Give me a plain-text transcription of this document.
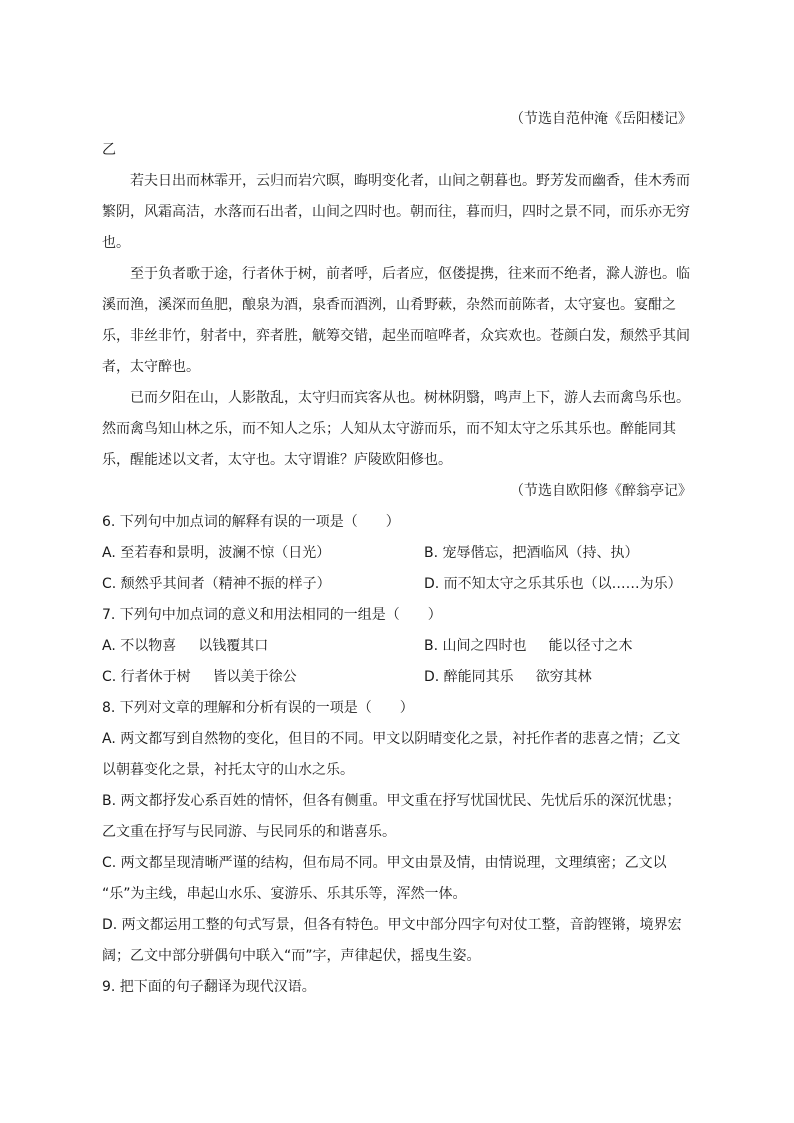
（节选自范仲淹《岳阳楼记》
乙
若夫日出而林霏开，云归而岩穴暝，晦明变化者，山间之朝暮也。野芳发而幽香，佳木秀而
繁阴，风霜高洁，水落而石出者，山间之四时也。朝而往，暮而归，四时之景不同，而乐亦无穷
也。
至于负者歌于途，行者休于树，前者呼，后者应，伛偻提携，往来而不绝者，滁人游也。临
溪而渔，溪深而鱼肥，酿泉为酒，泉香而酒洌，山肴野蔌，杂然而前陈者，太守宴也。宴酣之
乐，非丝非竹，射者中，弈者胜，觥筹交错，起坐而喧哗者，众宾欢也。苍颜白发，颓然乎其间
者，太守醉也。
已而夕阳在山，人影散乱，太守归而宾客从也。树林阴翳，鸣声上下，游人去而禽鸟乐也。
然而禽鸟知山林之乐，而不知人之乐；人知从太守游而乐，而不知太守之乐其乐也。醉能同其
乐，醒能述以文者，太守也。太守谓谁？庐陵欧阳修也。
（节选自欧阳修《醉翁亭记》
6. 下列句中加点词的解释有误的一项是（　　）
A. 至若春和景明，波澜不惊（日光）	B. 宠辱偕忘，把酒临风（持、执）
C. 颓然乎其间者（精神不振的样子）	D. 而不知太守之乐其乐也（以……为乐）
7. 下列句中加点词的意义和用法相同的一组是（　　）
A. 不以物喜 以钱覆其口	B. 山间之四时也 能以径寸之木
C. 行者休于树 皆以美于徐公	D. 醉能同其乐 欲穷其林
8. 下列对文章的理解和分析有误的一项是（　　）
A. 两文都写到自然物的变化，但目的不同。甲文以阴晴变化之景，衬托作者的悲喜之情；乙文
以朝暮变化之景，衬托太守的山水之乐。
B. 两文都抒发心系百姓的情怀，但各有侧重。甲文重在抒写忧国忧民、先忧后乐的深沉忧患；
乙文重在抒写与民同游、与民同乐的和谐喜乐。
C. 两文都呈现清晰严谨的结构，但布局不同。甲文由景及情，由情说理，文理缜密；乙文以
“乐”为主线，串起山水乐、宴游乐、乐其乐等，浑然一体。
D. 两文都运用工整的句式写景，但各有特色。甲文中部分四字句对仗工整，音韵铿锵，境界宏
阔；乙文中部分骈偶句中联入“而”字，声律起伏，摇曳生姿。
9. 把下面的句子翻译为现代汉语。
